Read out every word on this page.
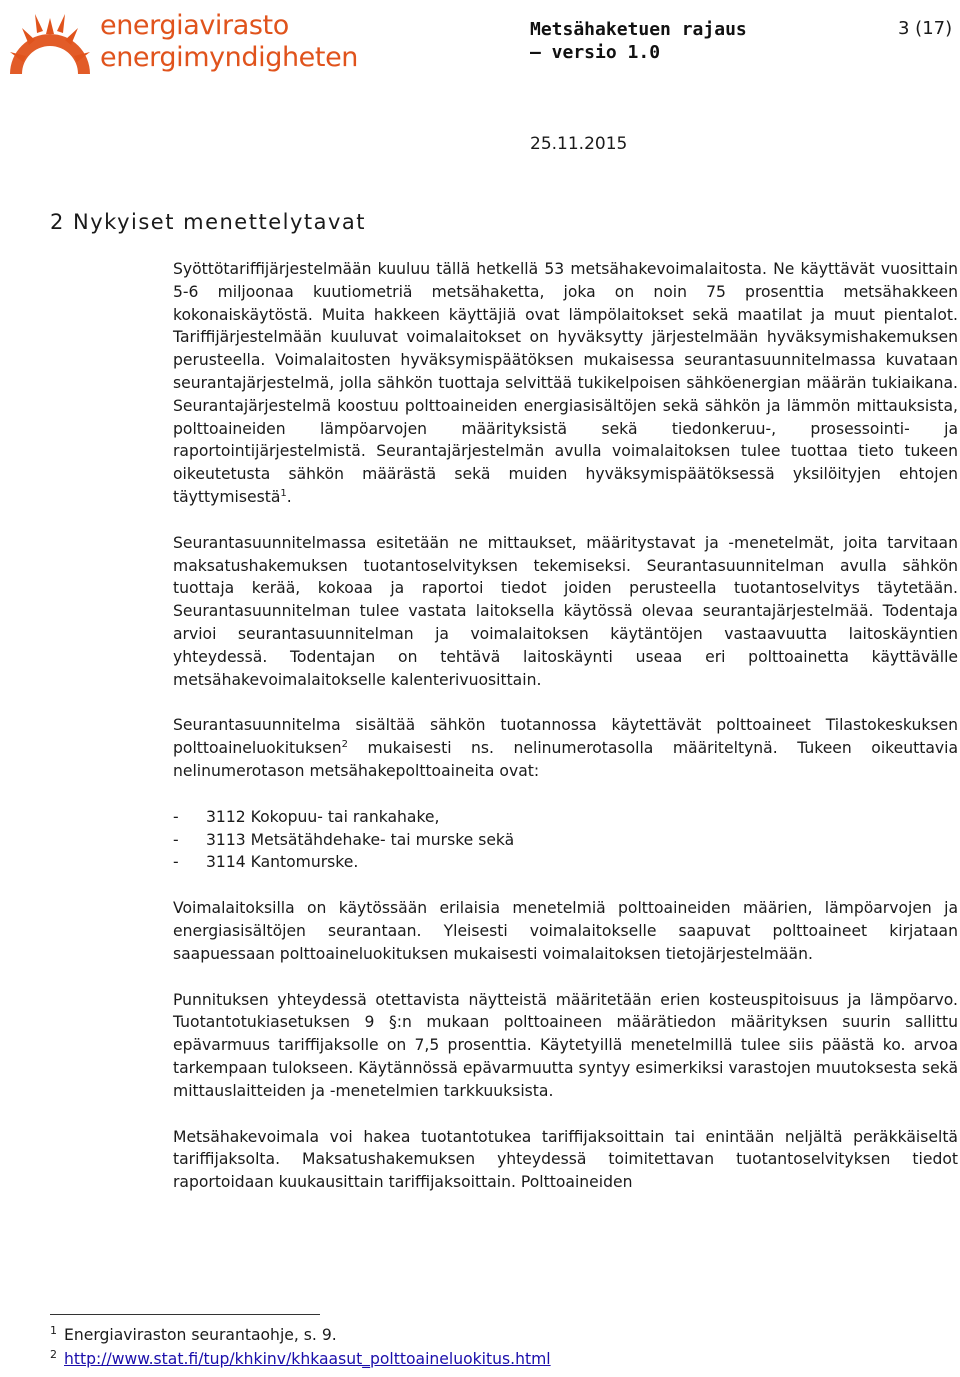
energiavirasto
energimyndigheten
Metsähaketuen rajaus
– versio 1.0
3 (17)
25.11.2015
2 Nykyiset menettelytavat

Syöttötariffijärjestelmään kuuluu tällä hetkellä 53 metsähakevoimalaitosta. Ne käyttävät vuosittain 5-6 miljoonaa kuutiometriä metsähaketta, joka on noin 75 prosenttia metsähakkeen kokonaiskäytöstä. Muita hakkeen käyttäjiä ovat lämpölaitokset sekä maatilat ja muut pientalot. Tariffijärjestelmään kuuluvat voimalaitokset on hyväksytty järjestelmään hyväksymishakemuksen perusteella. Voimalaitosten hyväksymispäätöksen mukaisessa seurantasuunnitelmassa kuvataan seurantajärjestelmä, jolla sähkön tuottaja selvittää tukikelpoisen sähköenergian määrän tukiaikana. Seurantajärjestelmä koostuu polttoaineiden energiasisältöjen sekä sähkön ja lämmön mittauksista, polttoaineiden lämpöarvojen määrityksistä sekä tiedonkeruu-, prosessointi- ja raportointijärjestelmistä. Seurantajärjestelmän avulla voimalaitoksen tulee tuottaa tieto tukeen oikeutetusta sähkön määrästä sekä muiden hyväksymispäätöksessä yksilöityjen ehtojen täyttymisestä$^1$.

Seurantasuunnitelmassa esitetään ne mittaukset, määritystavat ja -menetelmät, joita tarvitaan maksatushakemuksen tuotantoselvityksen tekemiseksi. Seurantasuunnitelman avulla sähkön tuottaja kerää, kokoaa ja raportoi tiedot joiden perusteella tuotantoselvitys täytetään. Seurantasuunnitelman tulee vastata laitoksella käytössä olevaa seurantajärjestelmää. Todentaja arvioi seurantasuunnitelman ja voimalaitoksen käytäntöjen vastaavuutta laitoskäyntien yhteydessä. Todentajan on tehtävä laitoskäynti useaa eri polttoainetta käyttävälle metsähakevoimalaitokselle kalenterivuosittain.

Seurantasuunnitelma sisältää sähkön tuotannossa käytettävät polttoaineet Tilastokeskuksen polttoaineluokituksen$^2$ mukaisesti ns. nelinumerotasolla määriteltynä. Tukeen oikeuttavia nelinumerotason metsähakepolttoaineita ovat:

-	3112 Kokopuu- tai rankahake,
-	3113 Metsätähdehake- tai murske sekä
-	3114 Kantomurske.

Voimalaitoksilla on käytössään erilaisia menetelmiä polttoaineiden määrien, lämpöarvojen ja energiasisältöjen seurantaan. Yleisesti voimalaitokselle saapuvat polttoaineet kirjataan saapuessaan polttoaineluokituksen mukaisesti voimalaitoksen tietojärjestelmään.

Punnituksen yhteydessä otettavista näytteistä määritetään erien kosteuspitoisuus ja lämpöarvo. Tuotantotukiasetuksen 9 §:n mukaan polttoaineen määrätiedon määrityksen suurin sallittu epävarmuus tariffijaksolle on 7,5 prosenttia. Käytetyillä menetelmillä tulee siis päästä ko. arvoa tarkempaan tulokseen. Käytännössä epävarmuutta syntyy esimerkiksi varastojen muutoksesta sekä mittauslaitteiden ja -menetelmien tarkkuuksista.

Metsähakevoimala voi hakea tuotantotukea tariffijaksoittain tai enintään neljältä peräkkäiseltä tariffijaksolta. Maksatushakemuksen yhteydessä toimitettavan tuotantoselvityksen tiedot raportoidaan kuukausittain tariffijaksoittain. Polttoaineiden

1 Energiaviraston seurantaohje, s. 9.
2 http://www.stat.fi/tup/khkinv/khkaasut_polttoaineluokitus.html
